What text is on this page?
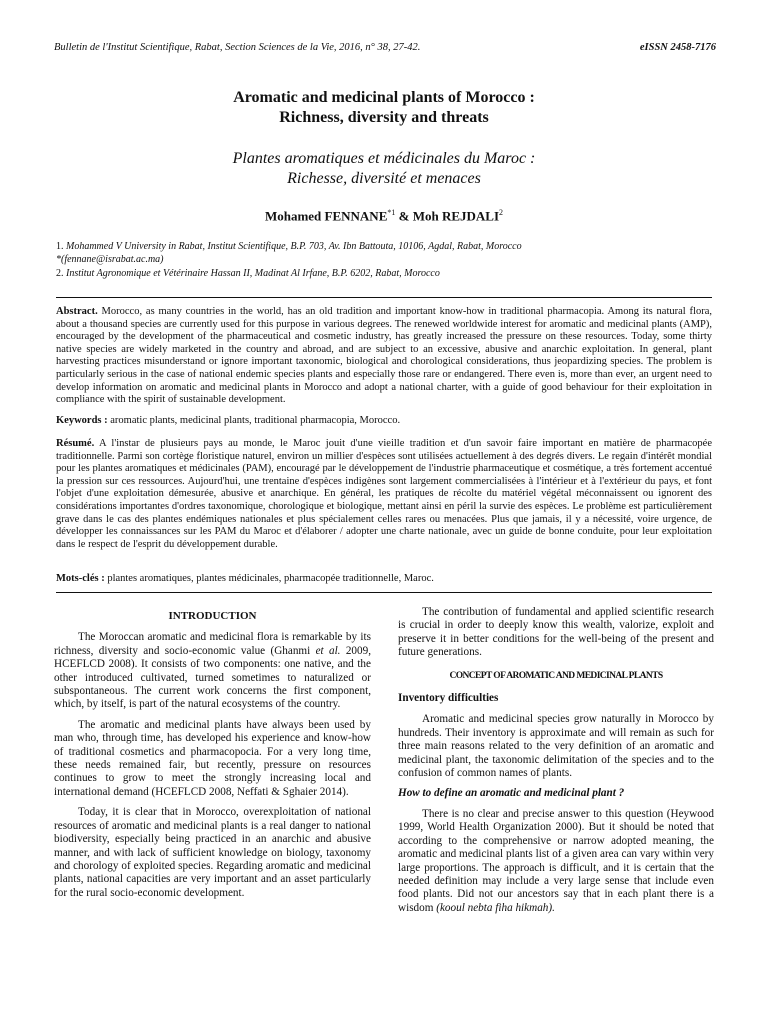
Bulletin de l'Institut Scientifique, Rabat, Section Sciences de la Vie, 2016, n° 38, 27-42.	eISSN 2458-7176
Aromatic and medicinal plants of Morocco :
Richness, diversity and threats
Plantes aromatiques et médicinales du Maroc :
Richesse, diversité et menaces
Mohamed FENNANE$^{*1}$ & Moh REJDALI$^2$
1. Mohammed V University in Rabat, Institut Scientifique, B.P. 703, Av. Ibn Battouta, 10106, Agdal, Rabat, Morocco
*(fennane@israbat.ac.ma)
2. Institut Agronomique et Vétérinaire Hassan II, Madinat Al Irfane, B.P. 6202, Rabat, Morocco
Abstract. Morocco, as many countries in the world, has an old tradition and important know-how in traditional pharmacopia. Among its natural flora, about a thousand species are currently used for this purpose in various degrees. The renewed worldwide interest for aromatic and medicinal plants (AMP), encouraged by the development of the pharmaceutical and cosmetic industry, has greatly increased the pressure on these resources. Today, some thirty native species are widely marketed in the country and abroad, and are subject to an excessive, abusive and anarchic exploitation. In general, plant harvesting practices misunderstand or ignore important taxonomic, biological and chorological considerations, thus jeopardizing species. The problem is particularly serious in the case of national endemic species plants and especially those rare or endangered. There even is, more than ever, an urgent need to develop information on aromatic and medicinal plants in Morocco and adopt a national charter, with a guide of good behaviour for their exploitation in compliance with the spirit of sustainable development.
Keywords : aromatic plants, medicinal plants, traditional pharmacopia, Morocco.
Résumé. A l'instar de plusieurs pays au monde, le Maroc jouit d'une vieille tradition et d'un savoir faire important en matière de pharmacopée traditionnelle. Parmi son cortège floristique naturel, environ un millier d'espèces sont utilisées actuellement à des degrés divers. Le regain d'intérêt mondial pour les plantes aromatiques et médicinales (PAM), encouragé par le développement de l'industrie pharmaceutique et cosmétique, a très fortement accentué la pression sur ces ressources. Aujourd'hui, une trentaine d'espèces indigènes sont largement commercialisées à l'intérieur et à l'extérieur du pays, et font l'objet d'une exploitation démesurée, abusive et anarchique. En général, les pratiques de récolte du matériel végétal méconnaissent ou ignorent des considérations importantes d'ordres taxonomique, chorologique et biologique, mettant ainsi en péril la survie des espèces. Le problème est particulièrement grave dans le cas des plantes endémiques nationales et plus spécialement celles rares ou menacées. Plus que jamais, il y a nécessité, voire urgence, de développer les connaissances sur les PAM du Maroc et d'élaborer / adopter une charte nationale, avec un guide de bonne conduite, pour leur exploitation dans le respect de l'esprit du développement durable.
Mots-clés : plantes aromatiques, plantes médicinales, pharmacopée traditionnelle, Maroc.
INTRODUCTION

The Moroccan aromatic and medicinal flora is remarkable by its richness, diversity and socio-economic value (Ghanmi et al. 2009, HCEFLCD 2008). It consists of two components: one native, and the other introduced cultivated, turned sometimes to naturalized or subspontaneous. The current work concerns the first component, which, by itself, is part of the natural ecosystems of the country.

The aromatic and medicinal plants have always been used by man who, through time, has developed his experience and know-how of traditional cosmetics and pharmacopocia. For a very long time, these needs remained fair, but recently, pressure on resources continues to grow to meet the strongly increasing local and international demand (HCEFLCD 2008, Neffati & Sghaier 2014).

Today, it is clear that in Morocco, overexploitation of national resources of aromatic and medicinal plants is a real danger to national biodiversity, especially being practiced in an anarchic and abusive manner, and with lack of sufficient knowledge on biology, taxonomy and chorology of exploited species. Regarding aromatic and medicinal plants, national capacities are very important and an asset particularly for the rural socio-economic development.

The contribution of fundamental and applied scientific research is crucial in order to deeply know this wealth, valorize, exploit and preserve it in better conditions for the well-being of the present and future generations.

CONCEPT OF AROMATIC AND MEDICINAL PLANTS
Inventory difficulties

Aromatic and medicinal species grow naturally in Morocco by hundreds. Their inventory is approximate and will remain as such for three main reasons related to the very definition of an aromatic and medicinal plant, the taxonomic delimitation of the species and to the confusion of common names of plants.

How to define an aromatic and medicinal plant ?

There is no clear and precise answer to this question (Heywood 1999, World Health Organization 2000). But it should be noted that according to the comprehensive or narrow adopted meaning, the aromatic and medicinal plants list of a given area can vary within very large proportions. The approach is difficult, and it is certain that the needed definition may include a very large sense that include even food plants. Did not our ancestors say that in each plant there is a wisdom (kooul nebta fiha hikmah).
